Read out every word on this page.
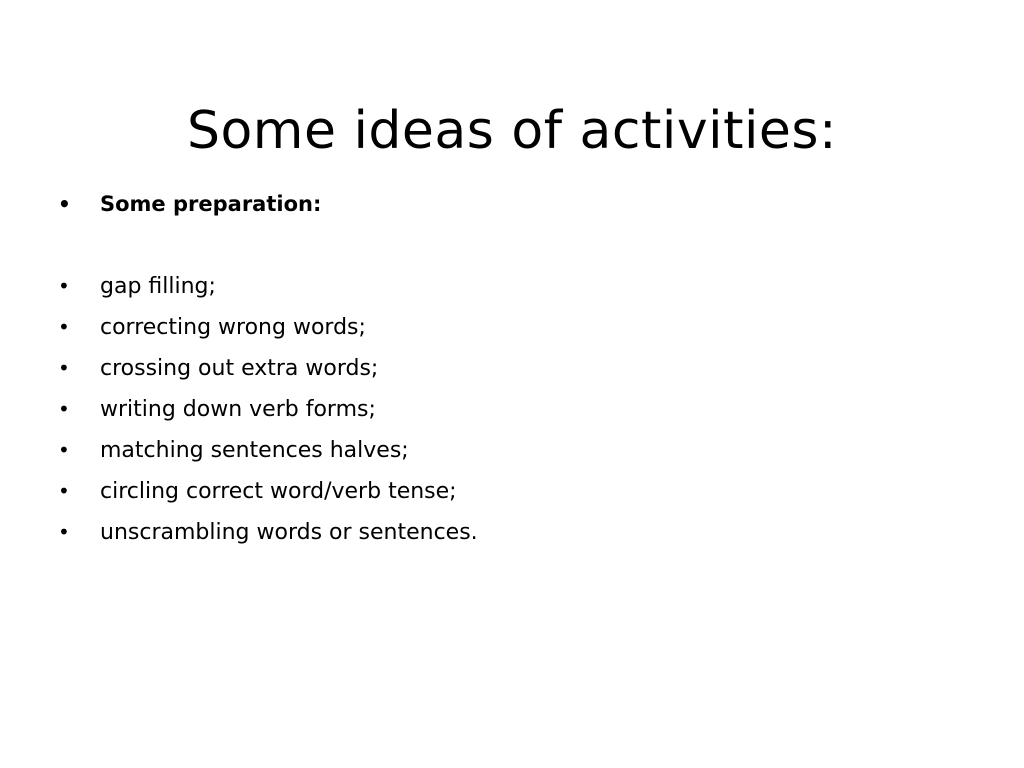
Some ideas of activities:
•	Some preparation:
•	gap filling;
•	correcting wrong words;
•	crossing out extra words;
•	writing down verb forms;
•	matching sentences halves;
•	circling correct word/verb tense;
•	unscrambling words or sentences.
